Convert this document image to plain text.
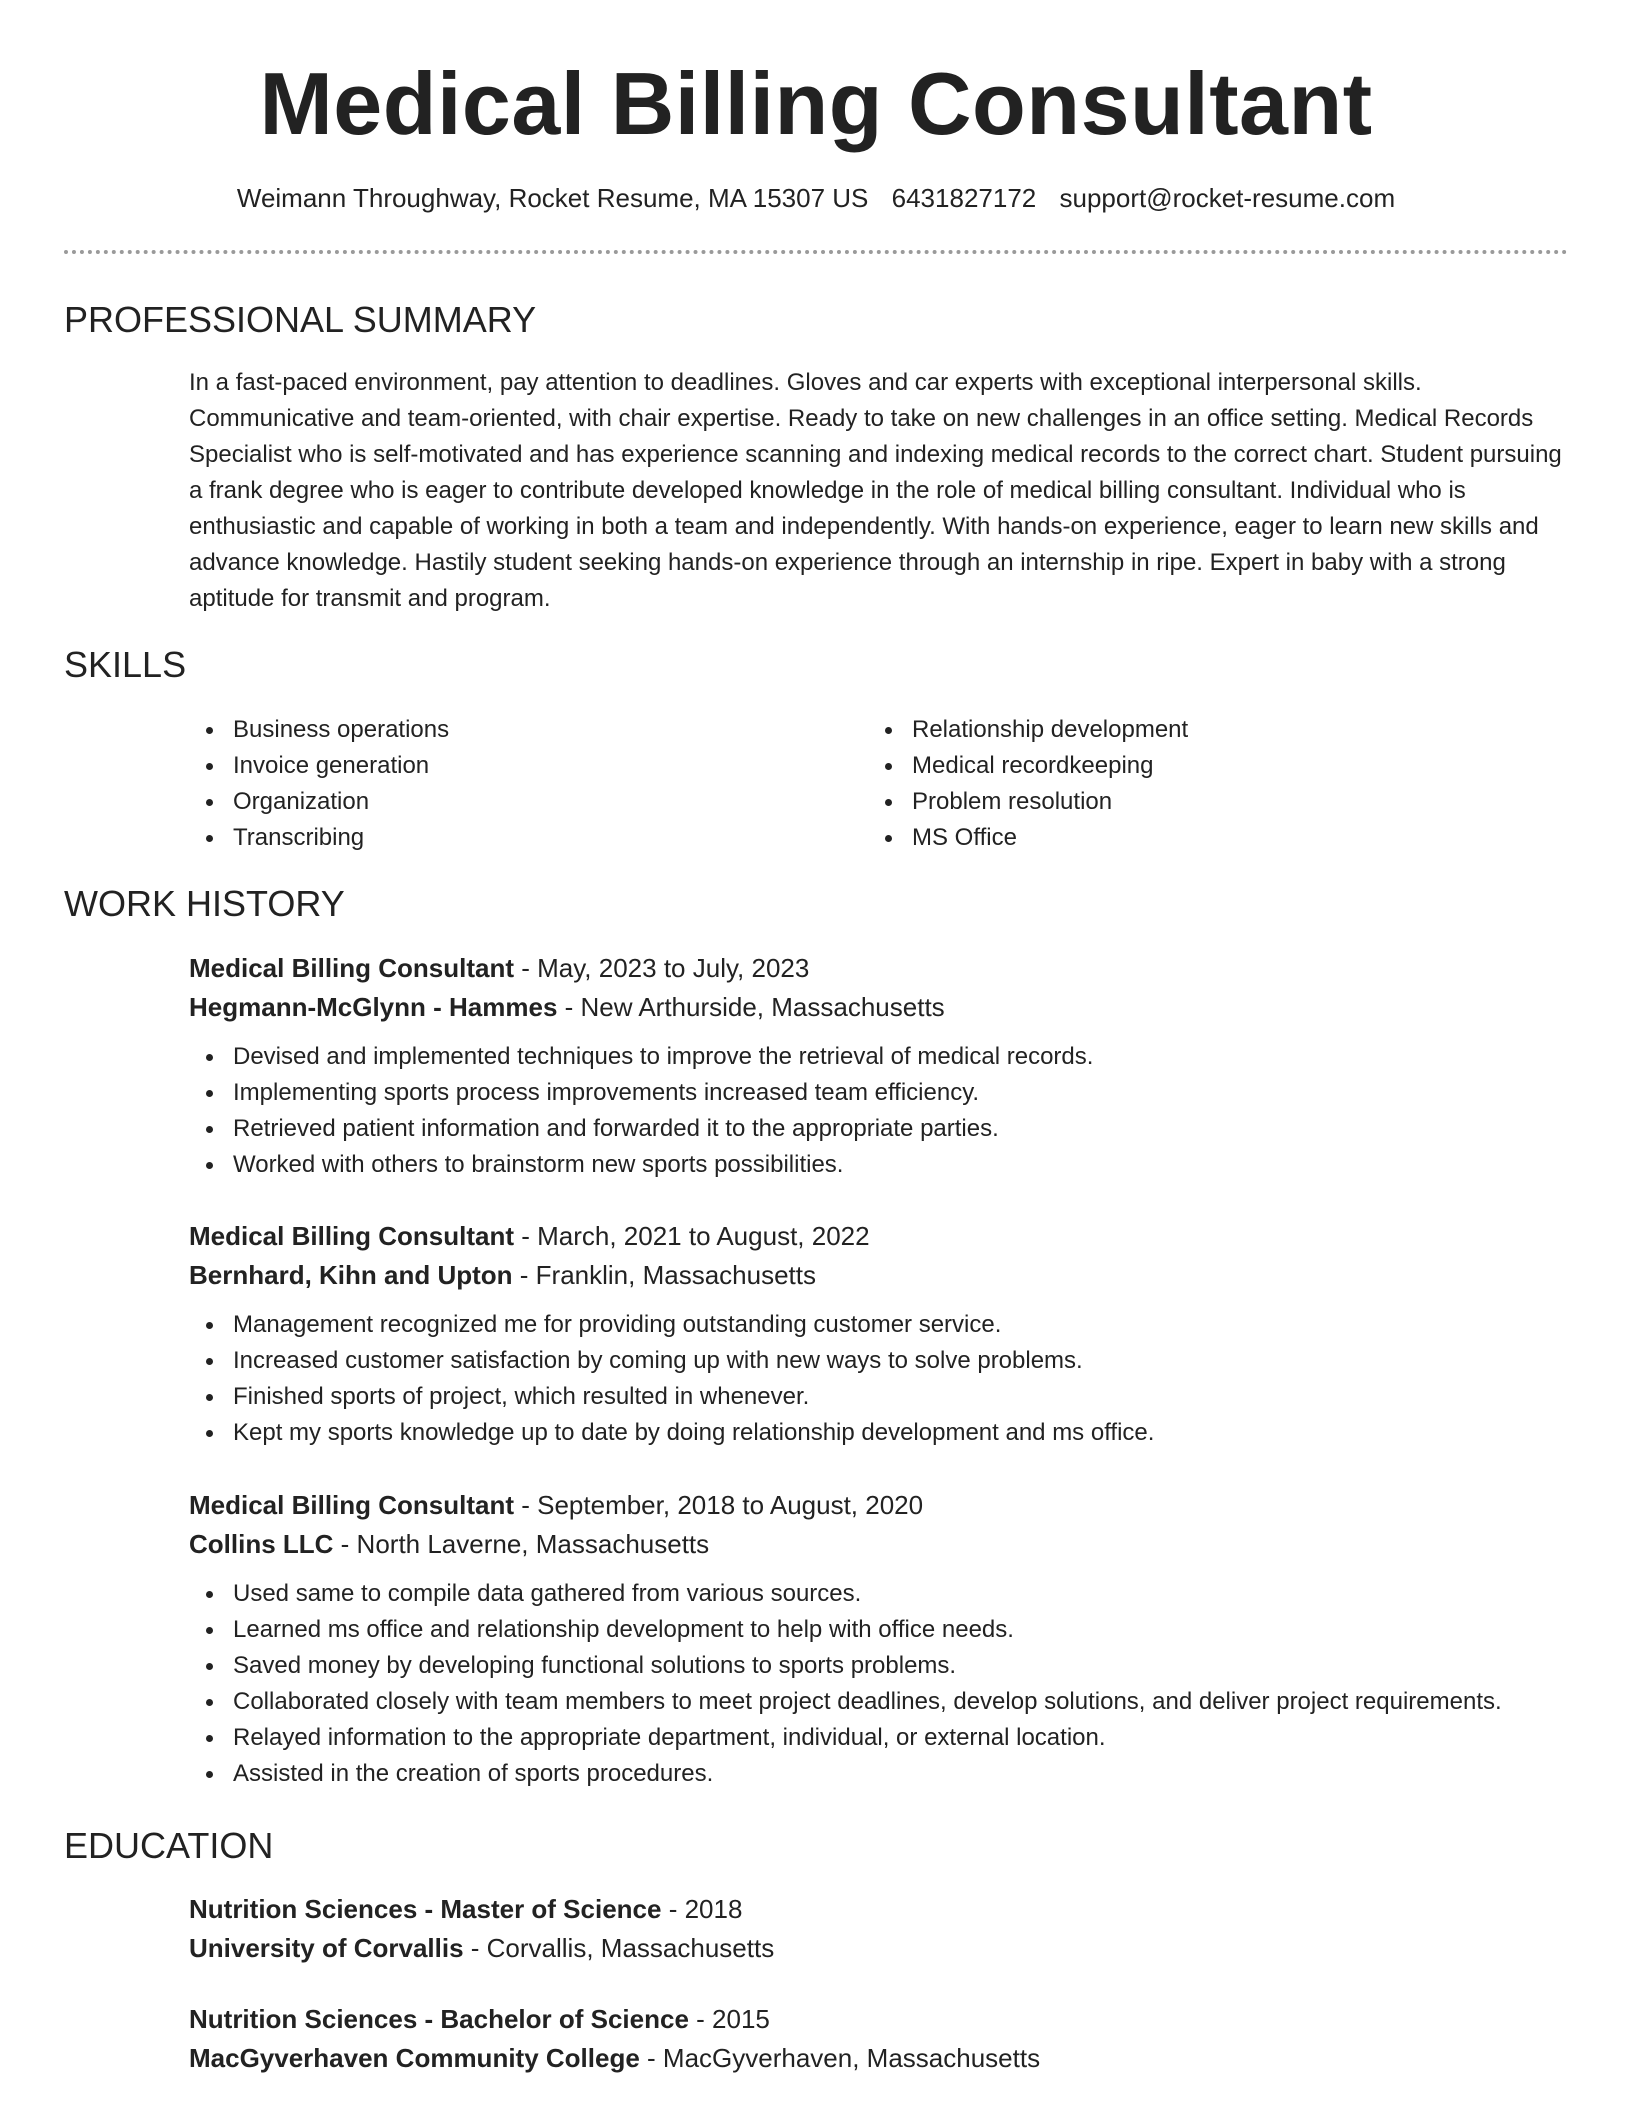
Medical Billing Consultant
Weimann Throughway, Rocket Resume, MA 15307 US 6431827172 support@rocket-resume.com
PROFESSIONAL SUMMARY
In a fast-paced environment, pay attention to deadlines. Gloves and car experts with exceptional interpersonal skills. Communicative and team-oriented, with chair expertise. Ready to take on new challenges in an office setting. Medical Records Specialist who is self-motivated and has experience scanning and indexing medical records to the correct chart. Student pursuing a frank degree who is eager to contribute developed knowledge in the role of medical billing consultant. Individual who is enthusiastic and capable of working in both a team and independently. With hands-on experience, eager to learn new skills and advance knowledge. Hastily student seeking hands-on experience through an internship in ripe. Expert in baby with a strong aptitude for transmit and program.
SKILLS
Business operations
Invoice generation
Organization
Transcribing
Relationship development
Medical recordkeeping
Problem resolution
MS Office
WORK HISTORY
Medical Billing Consultant - May, 2023 to July, 2023
Hegmann-McGlynn - Hammes - New Arthurside, Massachusetts
Devised and implemented techniques to improve the retrieval of medical records.
Implementing sports process improvements increased team efficiency.
Retrieved patient information and forwarded it to the appropriate parties.
Worked with others to brainstorm new sports possibilities.
Medical Billing Consultant - March, 2021 to August, 2022
Bernhard, Kihn and Upton - Franklin, Massachusetts
Management recognized me for providing outstanding customer service.
Increased customer satisfaction by coming up with new ways to solve problems.
Finished sports of project, which resulted in whenever.
Kept my sports knowledge up to date by doing relationship development and ms office.
Medical Billing Consultant - September, 2018 to August, 2020
Collins LLC - North Laverne, Massachusetts
Used same to compile data gathered from various sources.
Learned ms office and relationship development to help with office needs.
Saved money by developing functional solutions to sports problems.
Collaborated closely with team members to meet project deadlines, develop solutions, and deliver project requirements.
Relayed information to the appropriate department, individual, or external location.
Assisted in the creation of sports procedures.
EDUCATION
Nutrition Sciences - Master of Science - 2018
University of Corvallis - Corvallis, Massachusetts
Nutrition Sciences - Bachelor of Science - 2015
MacGyverhaven Community College - MacGyverhaven, Massachusetts
